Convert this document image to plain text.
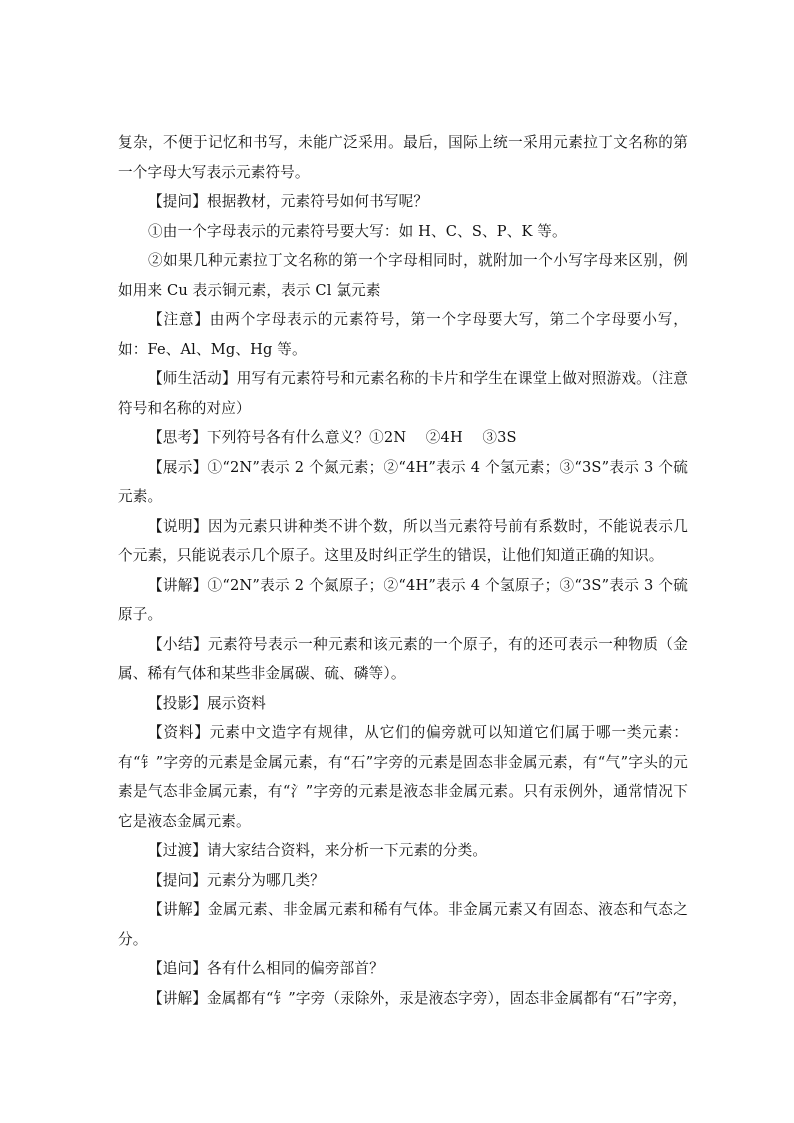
复杂，不便于记忆和书写，未能广泛采用。最后，国际上统一采用元素拉丁文名称的第一个字母大写表示元素符号。

【提问】根据教材，元素符号如何书写呢？

①由一个字母表示的元素符号要大写：如 H、C、S、P、K 等。

②如果几种元素拉丁文名称的第一个字母相同时，就附加一个小写字母来区别，例如用来 Cu 表示铜元素，表示 Cl 氯元素

【注意】由两个字母表示的元素符号，第一个字母要大写，第二个字母要小写，如：Fe、Al、Mg、Hg 等。

【师生活动】用写有元素符号和元素名称的卡片和学生在课堂上做对照游戏。（注意符号和名称的对应）

【思考】下列符号各有什么意义？①2N　 ②4H　 ③3S

【展示】①“2N”表示 2 个氮元素；②“4H”表示 4 个氢元素；③“3S”表示 3 个硫元素。

【说明】因为元素只讲种类不讲个数，所以当元素符号前有系数时，不能说表示几个元素，只能说表示几个原子。这里及时纠正学生的错误，让他们知道正确的知识。

【讲解】①“2N”表示 2 个氮原子；②“4H”表示 4 个氢原子；③“3S”表示 3 个硫原子。

【小结】元素符号表示一种元素和该元素的一个原子，有的还可表示一种物质（金属、稀有气体和某些非金属碳、硫、磷等）。

【投影】展示资料

【资料】元素中文造字有规律，从它们的偏旁就可以知道它们属于哪一类元素：有“钅”字旁的元素是金属元素，有“石”字旁的元素是固态非金属元素，有“气”字头的元素是气态非金属元素，有“氵”字旁的元素是液态非金属元素。只有汞例外，通常情况下它是液态金属元素。

【过渡】请大家结合资料，来分析一下元素的分类。

【提问】元素分为哪几类？

【讲解】金属元素、非金属元素和稀有气体。非金属元素又有固态、液态和气态之分。

【追问】各有什么相同的偏旁部首？

【讲解】金属都有“钅”字旁（汞除外，汞是液态字旁），固态非金属都有“石”字旁，
